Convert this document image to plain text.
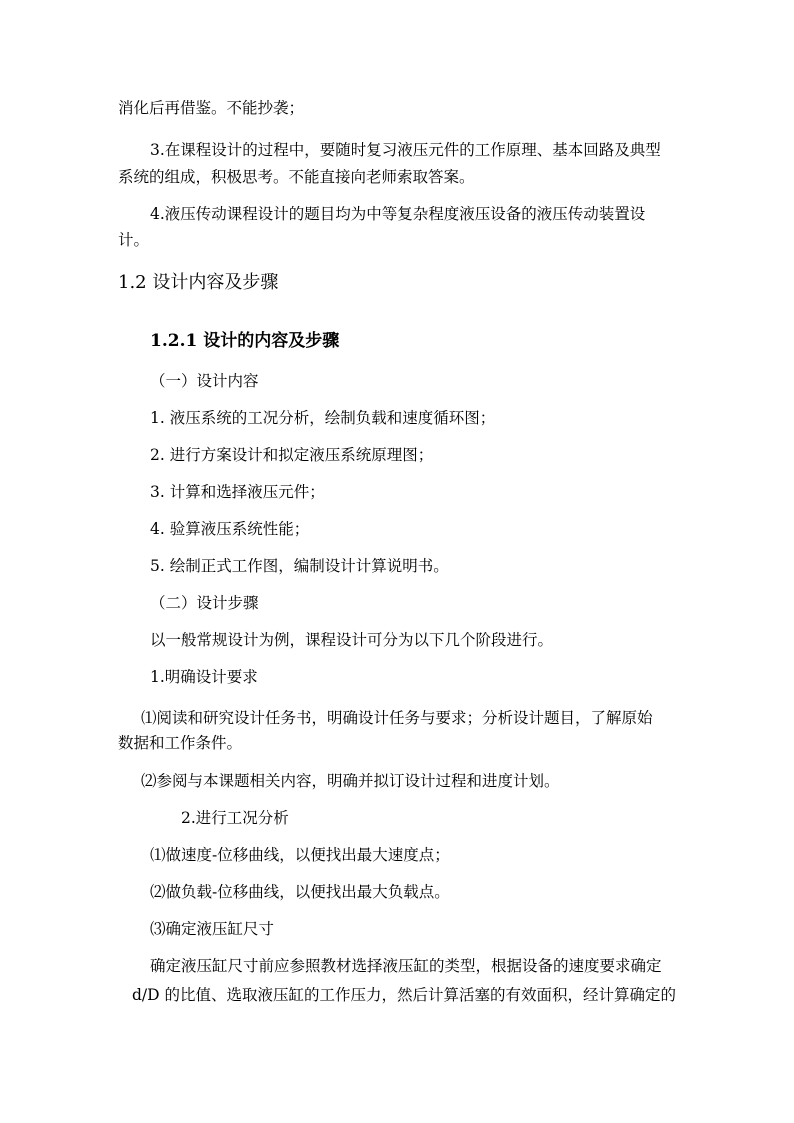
消化后再借鉴。不能抄袭；
3.在课程设计的过程中，要随时复习液压元件的工作原理、基本回路及典型
系统的组成，积极思考。不能直接向老师索取答案。
4.液压传动课程设计的题目均为中等复杂程度液压设备的液压传动装置设
计。
1.2 设计内容及步骤
1.2.1 设计的内容及步骤
（一）设计内容
1. 液压系统的工况分析，绘制负载和速度循环图；
2. 进行方案设计和拟定液压系统原理图；
3. 计算和选择液压元件；
4. 验算液压系统性能；
5. 绘制正式工作图，编制设计计算说明书。
（二）设计步骤
以一般常规设计为例，课程设计可分为以下几个阶段进行。
1.明确设计要求
⑴阅读和研究设计任务书，明确设计任务与要求；分析设计题目，了解原始
数据和工作条件。
⑵参阅与本课题相关内容，明确并拟订设计过程和进度计划。
2.进行工况分析
⑴做速度-位移曲线，以便找出最大速度点；
⑵做负载-位移曲线，以便找出最大负载点。
⑶确定液压缸尺寸
确定液压缸尺寸前应参照教材选择液压缸的类型，根据设备的速度要求确定
d/D 的比值、选取液压缸的工作压力，然后计算活塞的有效面积，经计算确定的
